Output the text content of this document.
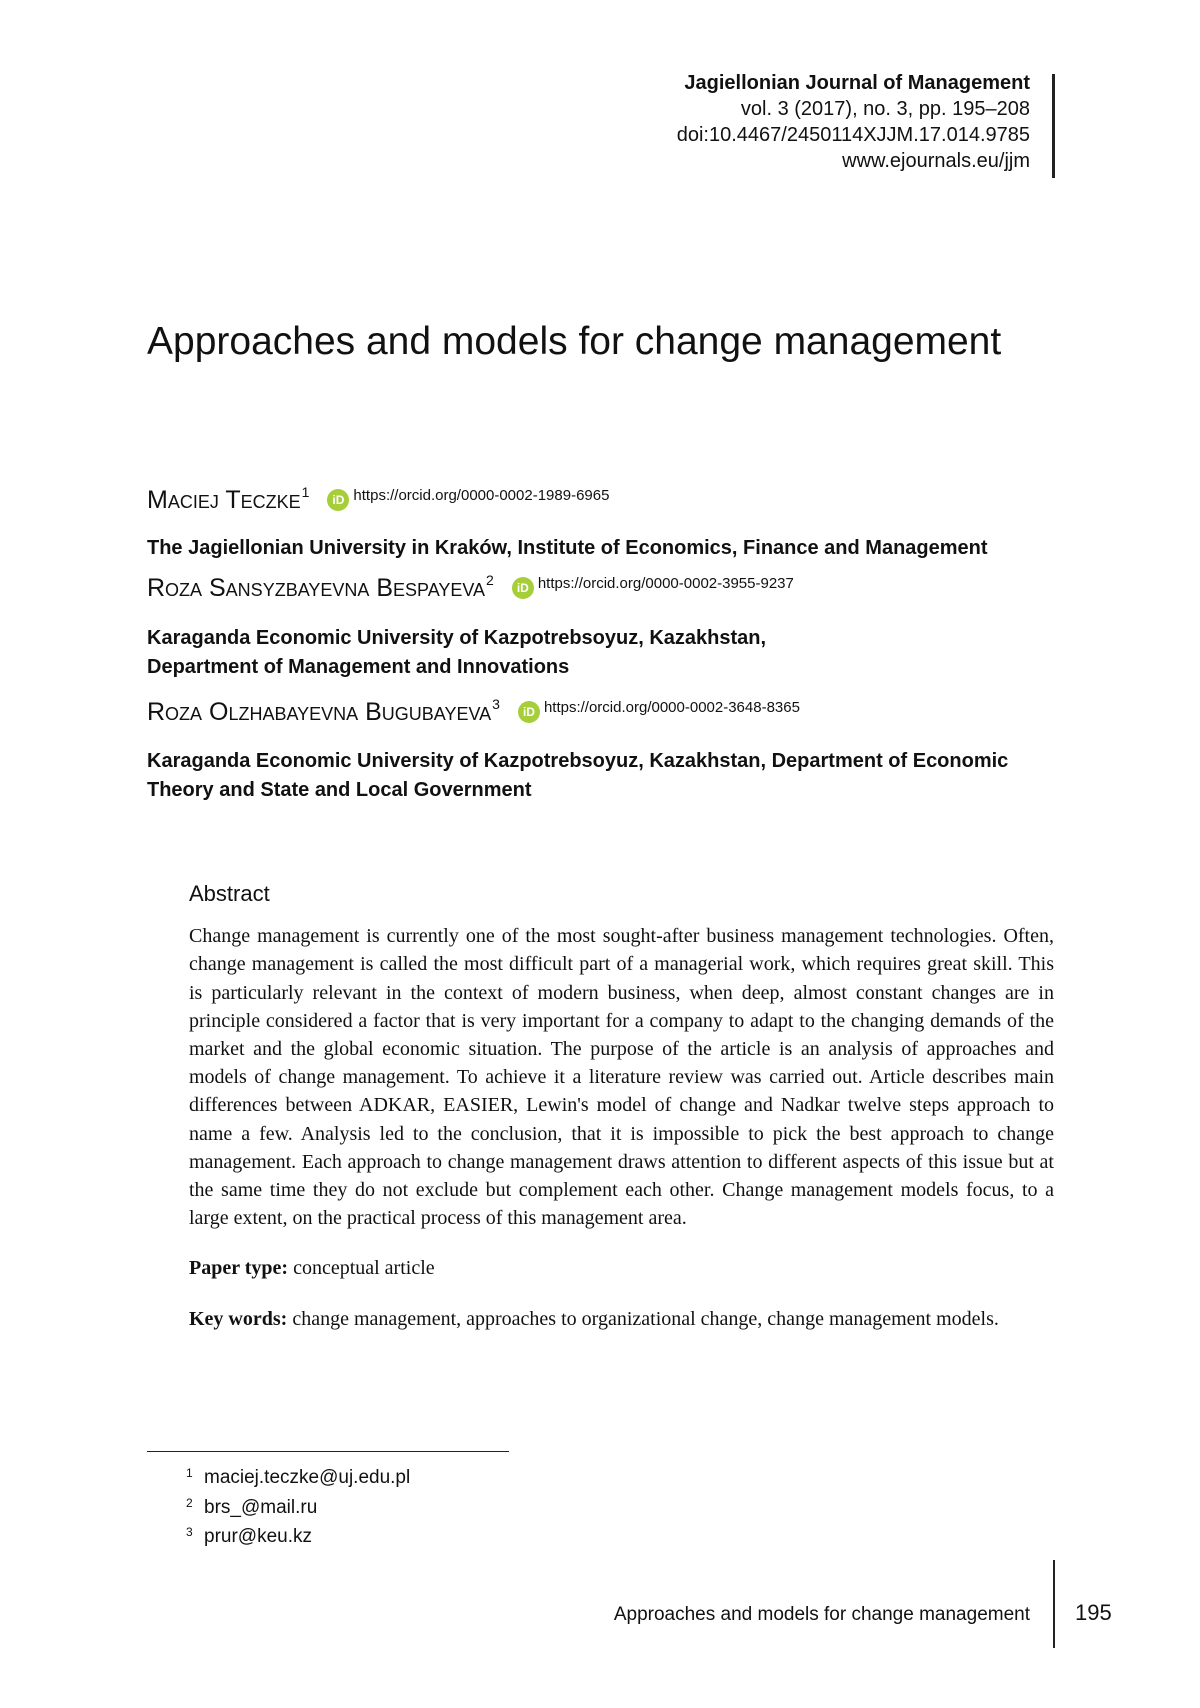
Jagiellonian Journal of Management
vol. 3 (2017), no. 3, pp. 195–208
doi:10.4467/2450114XJJM.17.014.9785
www.ejournals.eu/jjm
Approaches and models for change management
Maciej Teczke$^1$	iD https://orcid.org/0000-0002-1989-6965
The Jagiellonian University in Kraków, Institute of Economics, Finance and Management
Roza Sansyzbayevna Bespayeva$^2$	iD https://orcid.org/0000-0002-3955-9237
Karaganda Economic University of Kazpotrebsoyuz, Kazakhstan,
Department of Management and Innovations
Roza Olzhabayevna Bugubayeva$^3$	iD https://orcid.org/0000-0002-3648-8365
Karaganda Economic University of Kazpotrebsoyuz, Kazakhstan, Department of Economic Theory and State and Local Government
Abstract

Change management is currently one of the most sought-after business management technologies. Often, change management is called the most difficult part of a managerial work, which requires great skill. This is particularly relevant in the context of modern business, when deep, almost constant changes are in principle considered a factor that is very important for a company to adapt to the changing demands of the market and the global economic situation. The purpose of the article is an analysis of approaches and models of change management. To achieve it a literature review was carried out. Article describes main differences between ADKAR, EASIER, Lewin's model of change and Nadkar twelve steps approach to name a few. Analysis led to the conclusion, that it is impossible to pick the best approach to change management. Each approach to change management draws attention to different aspects of this issue but at the same time they do not exclude but complement each other. Change management models focus, to a large extent, on the practical process of this management area.

Paper type: conceptual article

Key words: change management, approaches to organizational change, change management models.

1 maciej.teczke@uj.edu.pl
2 brs_@mail.ru
3 prur@keu.kz
Approaches and models for change management 195
